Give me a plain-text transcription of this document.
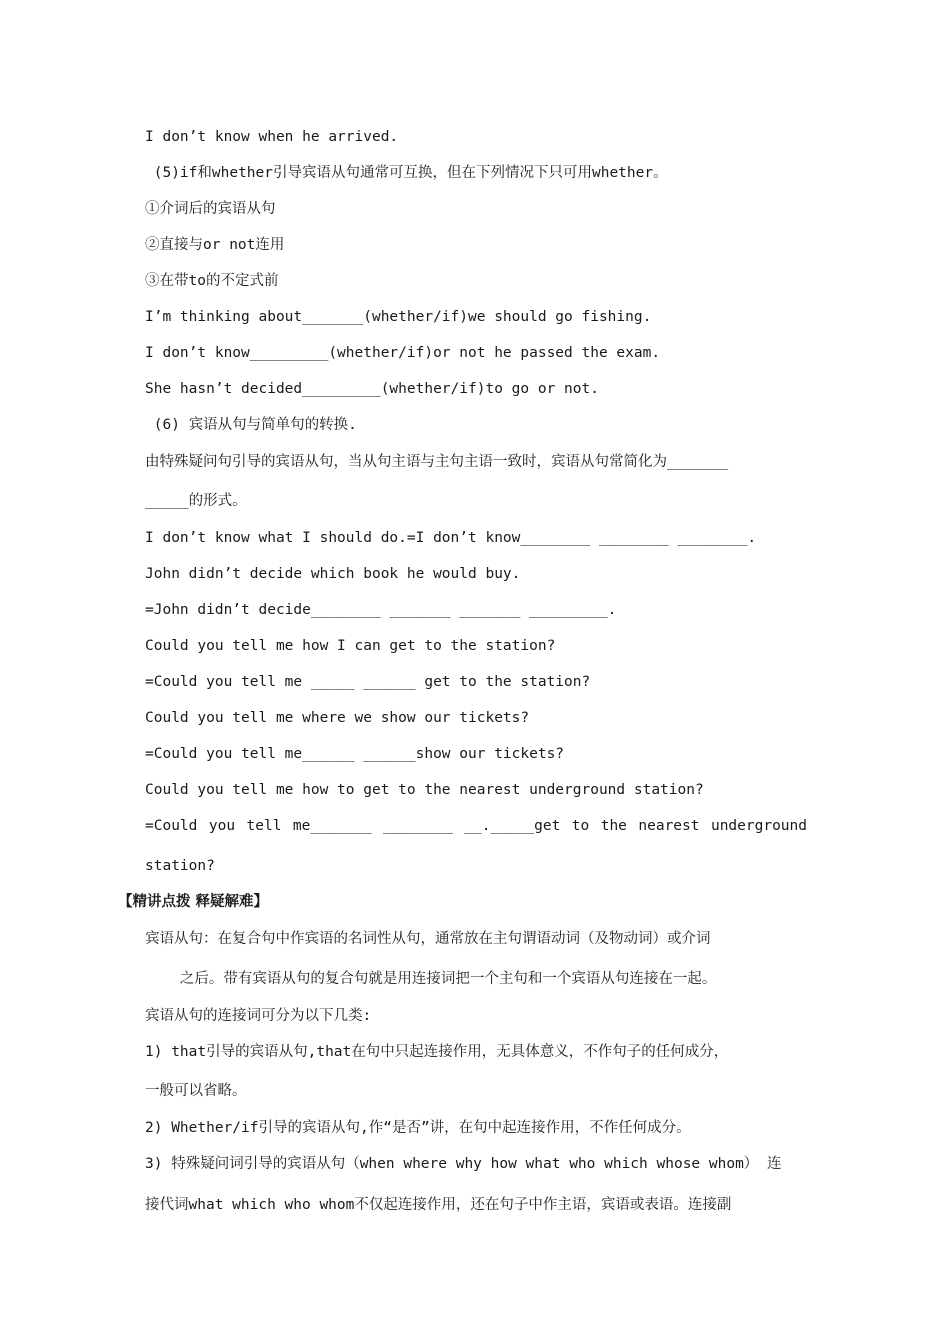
I don’t know when he arrived.
(5)if和whether引导宾语从句通常可互换，但在下列情况下只可用whether。
①介词后的宾语从句
②直接与or not连用
③在带to的不定式前
I’m thinking about_______(whether/if)we should go fishing.
I don’t know_________(whether/if)or not he passed the exam.
She hasn’t decided_________(whether/if)to go or not.
(6) 宾语从句与简单句的转换.
由特殊疑问句引导的宾语从句，当从句主语与主句主语一致时，宾语从句常简化为_______
_____的形式。
I don’t know what I should do.=I don’t know________ ________ ________.
John didn’t decide which book he would buy.
=John didn’t decide________ _______ _______ _________.
Could you tell me how I can get to the station?
=Could you tell me _____ ______ get to the station?
Could you tell me where we show our tickets?
=Could you tell me______ ______show our tickets?
Could you tell me how to get to the nearest underground station?
=Could you tell me_______ ________ __._____get to the nearest underground
station?
【精讲点拨 释疑解难】
宾语从句：在复合句中作宾语的名词性从句，通常放在主句谓语动词（及物动词）或介词
之后。带有宾语从句的复合句就是用连接词把一个主句和一个宾语从句连接在一起。
宾语从句的连接词可分为以下几类:
1) that引导的宾语从句,that在句中只起连接作用，无具体意义，不作句子的任何成分，
一般可以省略。
2) Whether/if引导的宾语从句,作“是否”讲，在句中起连接作用，不作任何成分。
3) 特殊疑问词引导的宾语从句（when where why how what who which whose whom） 连
接代词what which who whom不仅起连接作用，还在句子中作主语，宾语或表语。连接副
